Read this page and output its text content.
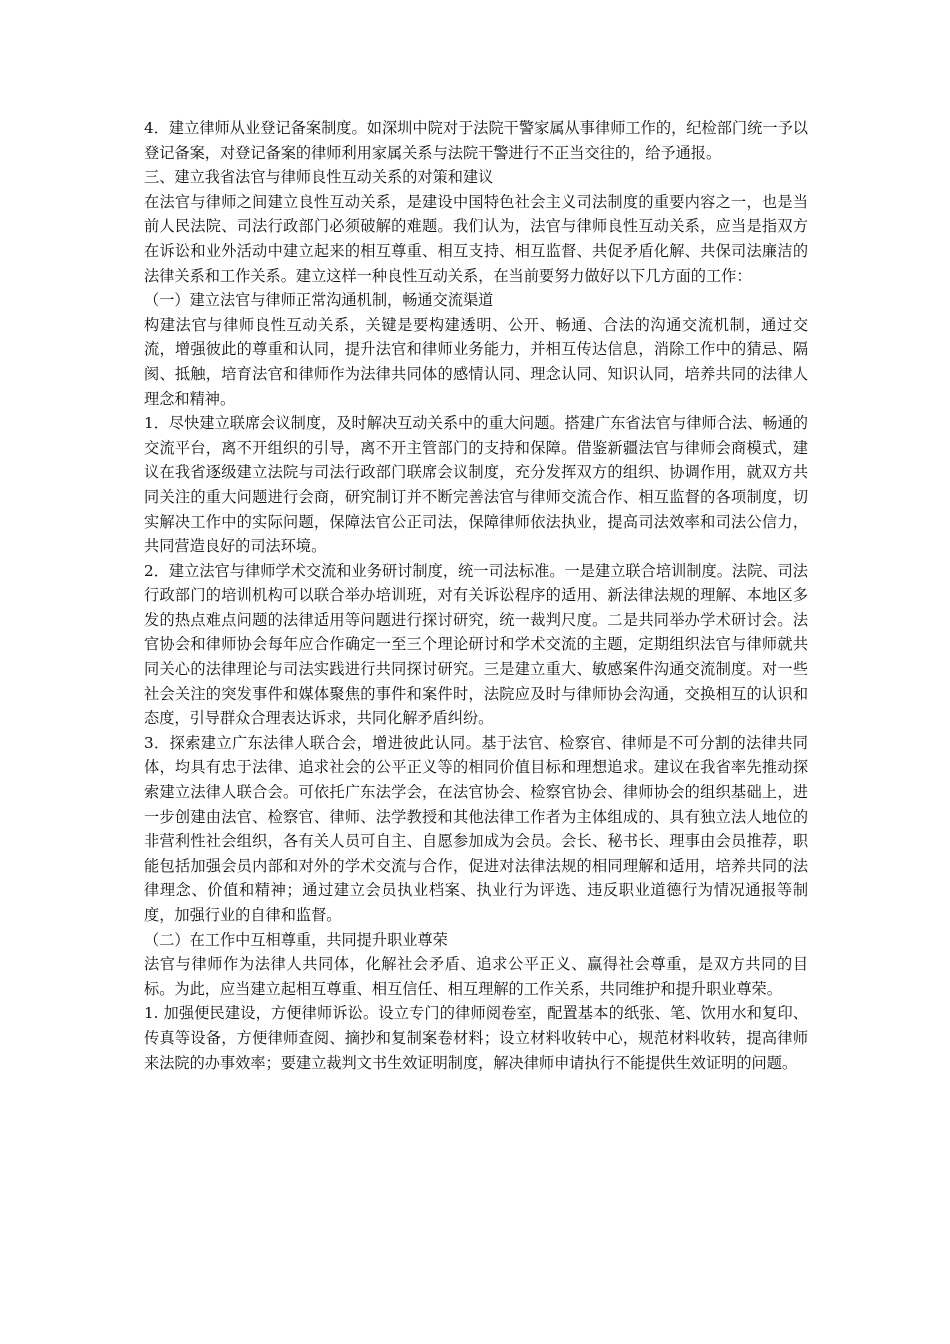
4．建立律师从业登记备案制度。如深圳中院对于法院干警家属从事律师工作的，纪检部门统一予以登记备案，对登记备案的律师利用家属关系与法院干警进行不正当交往的，给予通报。

三、建立我省法官与律师良性互动关系的对策和建议

在法官与律师之间建立良性互动关系，是建设中国特色社会主义司法制度的重要内容之一，也是当前人民法院、司法行政部门必须破解的难题。我们认为，法官与律师良性互动关系，应当是指双方在诉讼和业外活动中建立起来的相互尊重、相互支持、相互监督、共促矛盾化解、共保司法廉洁的法律关系和工作关系。建立这样一种良性互动关系，在当前要努力做好以下几方面的工作：

（一）建立法官与律师正常沟通机制，畅通交流渠道

构建法官与律师良性互动关系，关键是要构建透明、公开、畅通、合法的沟通交流机制，通过交流，增强彼此的尊重和认同，提升法官和律师业务能力，并相互传达信息，消除工作中的猜忌、隔阂、抵触，培育法官和律师作为法律共同体的感情认同、理念认同、知识认同，培养共同的法律人理念和精神。

1．尽快建立联席会议制度，及时解决互动关系中的重大问题。搭建广东省法官与律师合法、畅通的交流平台，离不开组织的引导，离不开主管部门的支持和保障。借鉴新疆法官与律师会商模式，建议在我省逐级建立法院与司法行政部门联席会议制度，充分发挥双方的组织、协调作用，就双方共同关注的重大问题进行会商，研究制订并不断完善法官与律师交流合作、相互监督的各项制度，切实解决工作中的实际问题，保障法官公正司法，保障律师依法执业，提高司法效率和司法公信力，共同营造良好的司法环境。

2．建立法官与律师学术交流和业务研讨制度，统一司法标准。一是建立联合培训制度。法院、司法行政部门的培训机构可以联合举办培训班，对有关诉讼程序的适用、新法律法规的理解、本地区多发的热点难点问题的法律适用等问题进行探讨研究，统一裁判尺度。二是共同举办学术研讨会。法官协会和律师协会每年应合作确定一至三个理论研讨和学术交流的主题，定期组织法官与律师就共同关心的法律理论与司法实践进行共同探讨研究。三是建立重大、敏感案件沟通交流制度。对一些社会关注的突发事件和媒体聚焦的事件和案件时，法院应及时与律师协会沟通，交换相互的认识和态度，引导群众合理表达诉求，共同化解矛盾纠纷。

3．探索建立广东法律人联合会，增进彼此认同。基于法官、检察官、律师是不可分割的法律共同体，均具有忠于法律、追求社会的公平正义等的相同价值目标和理想追求。建议在我省率先推动探索建立法律人联合会。可依托广东法学会，在法官协会、检察官协会、律师协会的组织基础上，进一步创建由法官、检察官、律师、法学教授和其他法律工作者为主体组成的、具有独立法人地位的非营利性社会组织，各有关人员可自主、自愿参加成为会员。会长、秘书长、理事由会员推荐，职能包括加强会员内部和对外的学术交流与合作，促进对法律法规的相同理解和适用，培养共同的法律理念、价值和精神；通过建立会员执业档案、执业行为评选、违反职业道德行为情况通报等制度，加强行业的自律和监督。

（二）在工作中互相尊重，共同提升职业尊荣

法官与律师作为法律人共同体，化解社会矛盾、追求公平正义、赢得社会尊重，是双方共同的目标。为此，应当建立起相互尊重、相互信任、相互理解的工作关系，共同维护和提升职业尊荣。

1. 加强便民建设，方便律师诉讼。设立专门的律师阅卷室，配置基本的纸张、笔、饮用水和复印、传真等设备，方便律师查阅、摘抄和复制案卷材料；设立材料收转中心，规范材料收转，提高律师来法院的办事效率；要建立裁判文书生效证明制度，解决律师申请执行不能提供生效证明的问题。
